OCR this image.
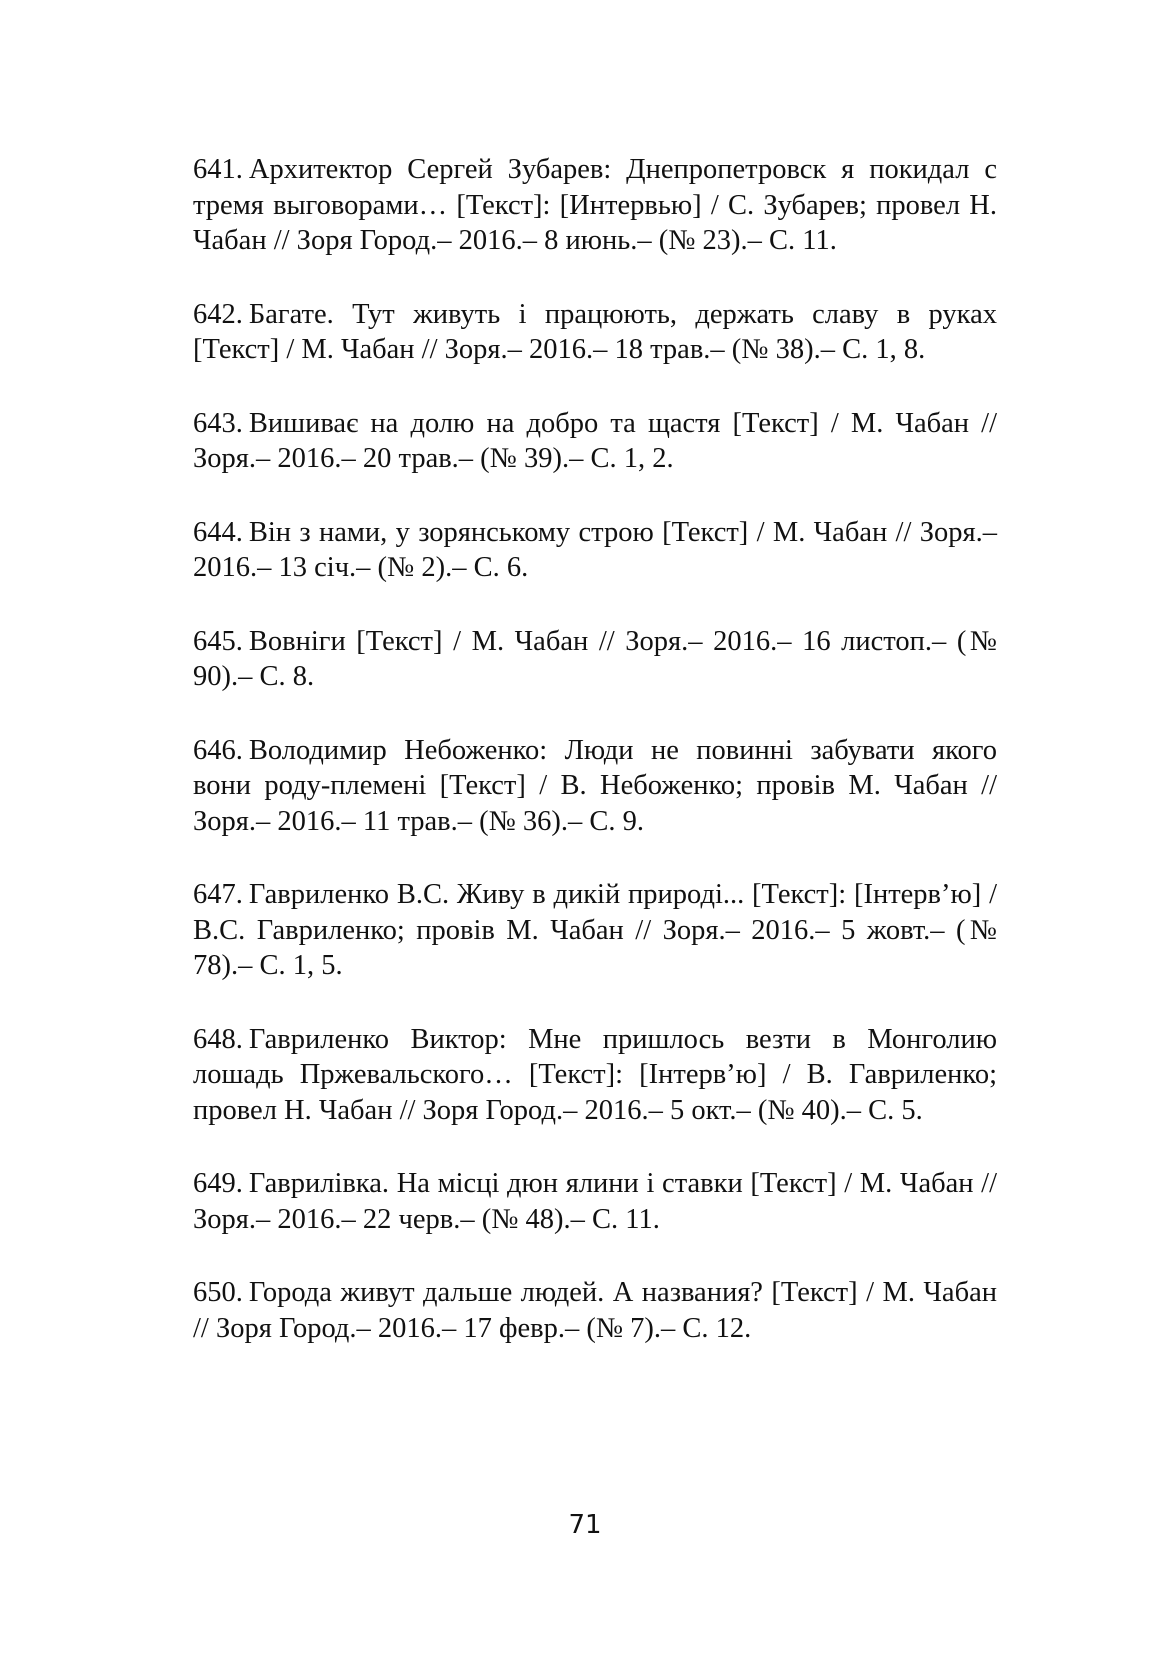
641. Архитектор Сергей Зубарев: Днепропетровск я покидал с тремя выговорами… [Текст]: [Интервью] / С. Зубарев; провел Н. Чабан // Зоря Город.– 2016.– 8 июнь.– (№ 23).– С. 11.

642. Багате. Тут живуть і працюють, держать славу в руках [Текст] / М. Чабан // Зоря.– 2016.– 18 трав.– (№ 38).– С. 1, 8.

643. Вишиває на долю на добро та щастя [Текст] / М. Чабан // Зоря.– 2016.– 20 трав.– (№ 39).– С. 1, 2.

644. Він з нами, у зорянському строю [Текст] / М. Чабан // Зоря.– 2016.– 13 січ.– (№ 2).– С. 6.

645. Вовніги [Текст] / М. Чабан // Зоря.– 2016.– 16 листоп.– (№ 90).– С. 8.

646. Володимир Небоженко: Люди не повинні забувати якого вони роду-племені [Текст] / В. Небоженко; провів М. Чабан // Зоря.– 2016.– 11 трав.– (№ 36).– С. 9.

647. Гавриленко В.С. Живу в дикій природі... [Текст]: [Інтерв’ю] / В.С. Гавриленко; провів М. Чабан // Зоря.– 2016.– 5 жовт.– (№ 78).– С. 1, 5.

648. Гавриленко Виктор: Мне пришлось везти в Монголию лошадь Пржевальского… [Текст]: [Інтерв’ю] / В. Гавриленко; провел Н. Чабан // Зоря Город.– 2016.– 5 окт.– (№ 40).– С. 5.

649. Гаврилівка. На місці дюн ялини і ставки [Текст] / М. Чабан // Зоря.– 2016.– 22 черв.– (№ 48).– С. 11.

650. Города живут дальше людей. А названия? [Текст] / М. Чабан // Зоря Город.– 2016.– 17 февр.– (№ 7).– С. 12.

71
